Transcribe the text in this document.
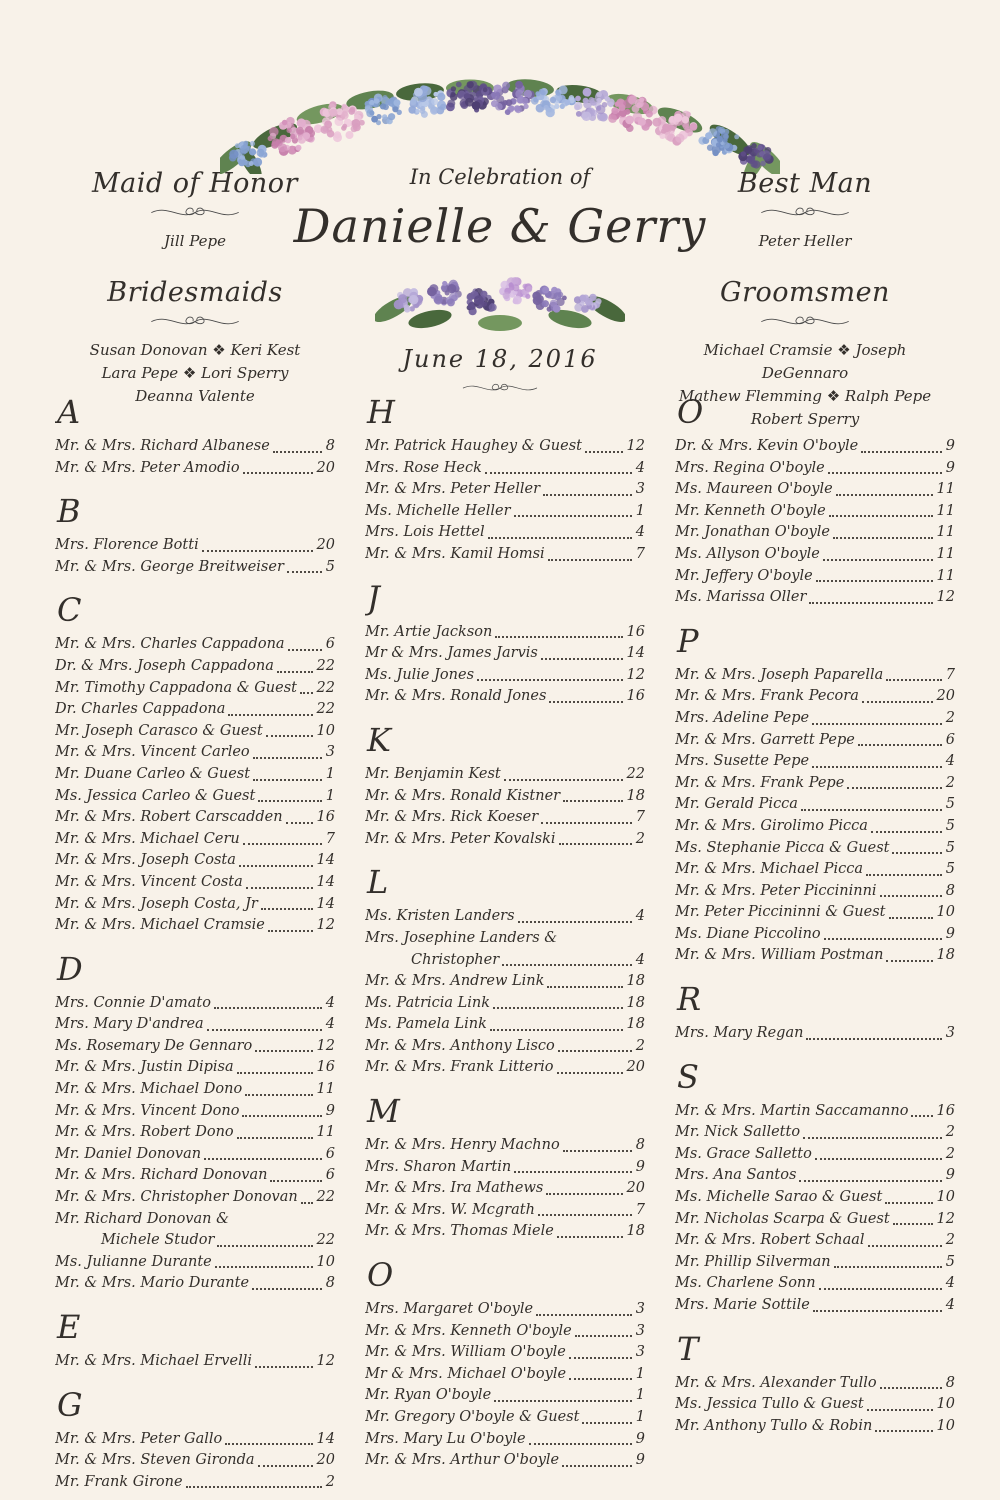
Maid of Honor
Jill Pepe
Bridesmaids
Susan Donovan ❖ Keri Kest
Lara Pepe ❖ Lori Sperry
Deanna Valente
In Celebration of
Danielle & Gerry
June 18, 2016
Best Man
Peter Heller
Groomsmen
Michael Cramsie ❖ Joseph DeGennaro
Mathew Flemming ❖ Ralph Pepe
Robert Sperry
A
Mr. & Mrs. Richard Albanese	8
Mr. & Mrs. Peter Amodio	20
B
Mrs. Florence Botti	20
Mr. & Mrs. George Breitweiser	5
C
Mr. & Mrs. Charles Cappadona	6
Dr. & Mrs. Joseph Cappadona	22
Mr. Timothy Cappadona & Guest 22
Dr. Charles Cappadona	22
Mr. Joseph Carasco & Guest	10
Mr. & Mrs. Vincent Carleo	3
Mr. Duane Carleo & Guest	1
Ms. Jessica Carleo & Guest	1
Mr. & Mrs. Robert Carscadden 16
Mr. & Mrs. Michael Ceru	7
Mr. & Mrs. Joseph Costa	14
Mr. & Mrs. Vincent Costa	14
Mr. & Mrs. Joseph Costa, Jr	14
Mr. & Mrs. Michael Cramsie	12
D
Mrs. Connie D'amato	4
Mrs. Mary D'andrea	4
Ms. Rosemary De Gennaro	12
Mr. & Mrs. Justin Dipisa	16
Mr. & Mrs. Michael Dono	11
Mr. & Mrs. Vincent Dono	9
Mr. & Mrs. Robert Dono	11
Mr. Daniel Donovan	6
Mr. & Mrs. Richard Donovan	6
Mr. & Mrs. Christopher Donovan 22
Mr. Richard Donovan &
Michele Studor	22
Ms. Julianne Durante	10
Mr. & Mrs. Mario Durante	8
E
Mr. & Mrs. Michael Ervelli	12
G
Mr. & Mrs. Peter Gallo	14
Mr. & Mrs. Steven Gironda	20
Mr. Frank Girone	2
H
Mr. Patrick Haughey & Guest	12
Mrs. Rose Heck	4
Mr. & Mrs. Peter Heller	3
Ms. Michelle Heller	1
Mrs. Lois Hettel	4
Mr. & Mrs. Kamil Homsi	7
J
Mr. Artie Jackson	16
Mr & Mrs. James Jarvis	14
Ms. Julie Jones	12
Mr. & Mrs. Ronald Jones	16
K
Mr. Benjamin Kest	22
Mr. & Mrs. Ronald Kistner	18
Mr. & Mrs. Rick Koeser	7
Mr. & Mrs. Peter Kovalski	2
L
Ms. Kristen Landers	4
Mrs. Josephine Landers &
Christopher	4
Mr. & Mrs. Andrew Link	18
Ms. Patricia Link	18
Ms. Pamela Link	18
Mr. & Mrs. Anthony Lisco	2
Mr. & Mrs. Frank Litterio	20
M
Mr. & Mrs. Henry Machno	8
Mrs. Sharon Martin	9
Mr. & Mrs. Ira Mathews	20
Mr. & Mrs. W. Mcgrath	7
Mr. & Mrs. Thomas Miele	18
O
Mrs. Margaret O'boyle	3
Mr. & Mrs. Kenneth O'boyle	3
Mr. & Mrs. William O'boyle	3
Mr & Mrs. Michael O'boyle	1
Mr. Ryan O'boyle	1
Mr. Gregory O'boyle & Guest	1
Mrs. Mary Lu O'boyle	9
Mr. & Mrs. Arthur O'boyle	9
O
Dr. & Mrs. Kevin O'boyle	9
Mrs. Regina O'boyle	9
Ms. Maureen O'boyle	11
Mr. Kenneth O'boyle	11
Mr. Jonathan O'boyle	11
Ms. Allyson O'boyle	11
Mr. Jeffery O'boyle	11
Ms. Marissa Oller	12
P
Mr. & Mrs. Joseph Paparella	7
Mr. & Mrs. Frank Pecora	20
Mrs. Adeline Pepe	2
Mr. & Mrs. Garrett Pepe	6
Mrs. Susette Pepe	4
Mr. & Mrs. Frank Pepe	2
Mr. Gerald Picca	5
Mr. & Mrs. Girolimo Picca	5
Ms. Stephanie Picca & Guest	5
Mr. & Mrs. Michael Picca	5
Mr. & Mrs. Peter Piccininni	8
Mr. Peter Piccininni & Guest	10
Ms. Diane Piccolino	9
Mr. & Mrs. William Postman	18
R
Mrs. Mary Regan	3
S
Mr. & Mrs. Martin Saccamanno 16
Mr. Nick Salletto	2
Ms. Grace Salletto	2
Mrs. Ana Santos	9
Ms. Michelle Sarao & Guest	10
Mr. Nicholas Scarpa & Guest	12
Mr. & Mrs. Robert Schaal	2
Mr. Phillip Silverman	5
Ms. Charlene Sonn	4
Mrs. Marie Sottile	4
T
Mr. & Mrs. Alexander Tullo	8
Ms. Jessica Tullo & Guest	10
Mr. Anthony Tullo & Robin	10
